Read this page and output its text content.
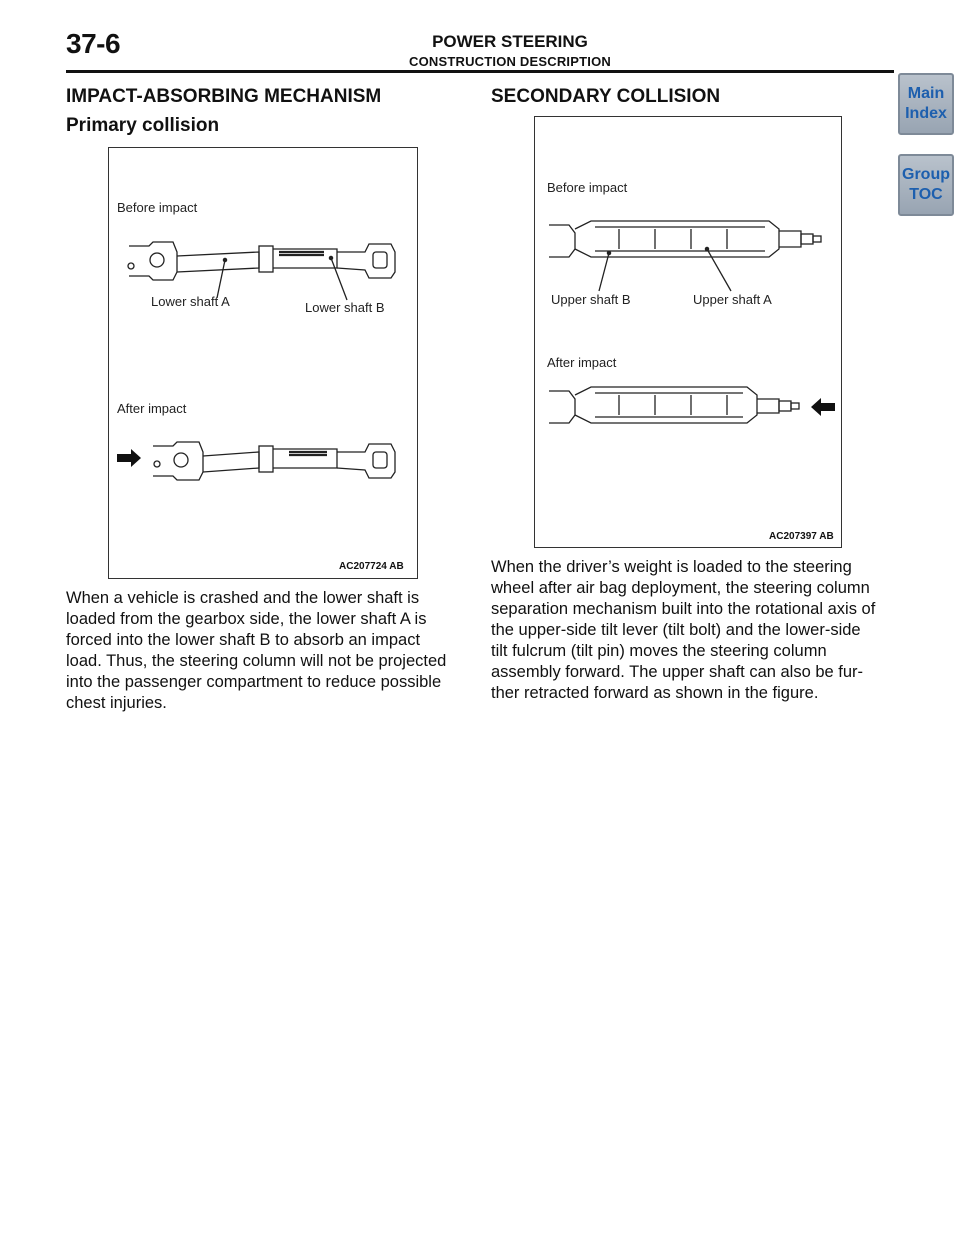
37-6	POWER STEERING
CONSTRUCTION DESCRIPTION
Main
Index
Group
TOC
IMPACT-ABSORBING MECHANISM
Primary collision
Before impact
Lower shaft A	Lower shaft B
After impact
AC207724 AB
When a vehicle is crashed and the lower shaft is
loaded from the gearbox side, the lower shaft A is
forced into the lower shaft B to absorb an impact
load. Thus, the steering column will not be projected
into the passenger compartment to reduce possible
chest injuries.
SECONDARY COLLISION
Before impact
Upper shaft B	Upper shaft A
After impact
AC207397 AB
When the driver’s weight is loaded to the steering
wheel after air bag deployment, the steering column
separation mechanism built into the rotational axis of
the upper-side tilt lever (tilt bolt) and the lower-side
tilt fulcrum (tilt pin) moves the steering column
assembly forward. The upper shaft can also be fur-
ther retracted forward as shown in the figure.
